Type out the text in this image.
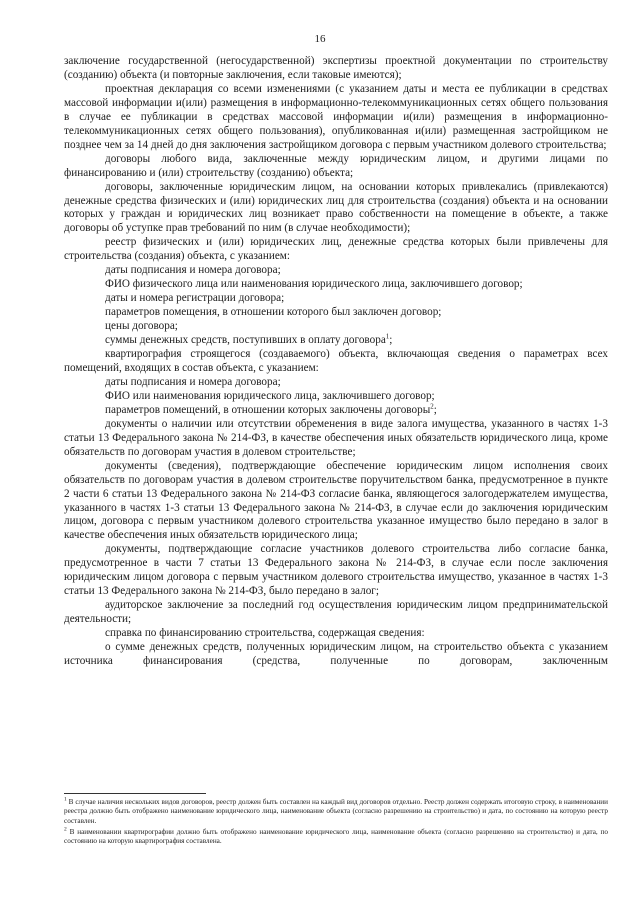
16

заключение государственной (негосударственной) экспертизы проектной документации по строительству (созданию) объекта (и повторные заключения, если таковые имеются);

проектная декларация со всеми изменениями (с указанием даты и места ее публикации в средствах массовой информации и(или) размещения в информационно-телекоммуникационных сетях общего пользования в случае ее публикации в средствах массовой информации и(или) размещения в информационно-телекоммуникационных сетях общего пользования), опубликованная и(или) размещенная застройщиком не позднее чем за 14 дней до дня заключения застройщиком договора с первым участником долевого строительства;

договоры любого вида, заключенные между юридическим лицом, и другими лицами по финансированию и (или) строительству (созданию) объекта;

договоры, заключенные юридическим лицом, на основании которых привлекались (привлекаются) денежные средства физических и (или) юридических лиц для строительства (создания) объекта и на основании которых у граждан и юридических лиц возникает право собственности на помещение в объекте, а также договоры об уступке прав требований по ним (в случае необходимости);

реестр физических и (или) юридических лиц, денежные средства которых были привлечены для строительства (создания) объекта, с указанием:

даты подписания и номера договора;

ФИО физического лица или наименования юридического лица, заключившего договор;

даты и номера регистрации договора;

параметров помещения, в отношении которого был заключен договор;

цены договора;

суммы денежных средств, поступивших в оплату договора$^1$;

квартирография строящегося (создаваемого) объекта, включающая сведения о параметрах всех помещений, входящих в состав объекта, с указанием:

даты подписания и номера договора;

ФИО или наименования юридического лица, заключившего договор;

параметров помещений, в отношении которых заключены договоры$^2$;

документы о наличии или отсутствии обременения в виде залога имущества, указанного в частях 1-3 статьи 13 Федерального закона № 214-ФЗ, в качестве обеспечения иных обязательств юридического лица, кроме обязательств по договорам участия в долевом строительстве;

документы (сведения), подтверждающие обеспечение юридическим лицом исполнения своих обязательств по договорам участия в долевом строительстве поручительством банка, предусмотренное в пункте 2 части 6 статьи 13 Федерального закона № 214-ФЗ согласие банка, являющегося залогодержателем имущества, указанного в частях 1-3 статьи 13 Федерального закона № 214-ФЗ, в случае если до заключения юридическим лицом, договора с первым участником долевого строительства указанное имущество было передано в залог в качестве обеспечения иных обязательств юридического лица;

документы, подтверждающие согласие участников долевого строительства либо согласие банка, предусмотренное в части 7 статьи 13 Федерального закона № 214-ФЗ, в случае если после заключения юридическим лицом договора с первым участником долевого строительства имущество, указанное в частях 1-3 статьи 13 Федерального закона № 214-ФЗ, было передано в залог;

аудиторское заключение за последний год осуществления юридическим лицом предпринимательской деятельности;

справка по финансированию строительства, содержащая сведения:

о сумме денежных средств, полученных юридическим лицом, на строительство объекта с указанием источника финансирования (средства, полученные по договорам, заключенным

$^1$ В случае наличия нескольких видов договоров, реестр должен быть составлен на каждый вид договоров отдельно. Реестр должен содержать итоговую строку, в наименовании реестра должно быть отображено наименование юридического лица, наименование объекта (согласно разрешению на строительство) и дата, по состоянию на которую реестр составлен.

$^2$ В наименовании квартирографии должно быть отображено наименование юридического лица, наименование объекта (согласно разрешению на строительство) и дата, по состоянию на которую квартирография составлена.
